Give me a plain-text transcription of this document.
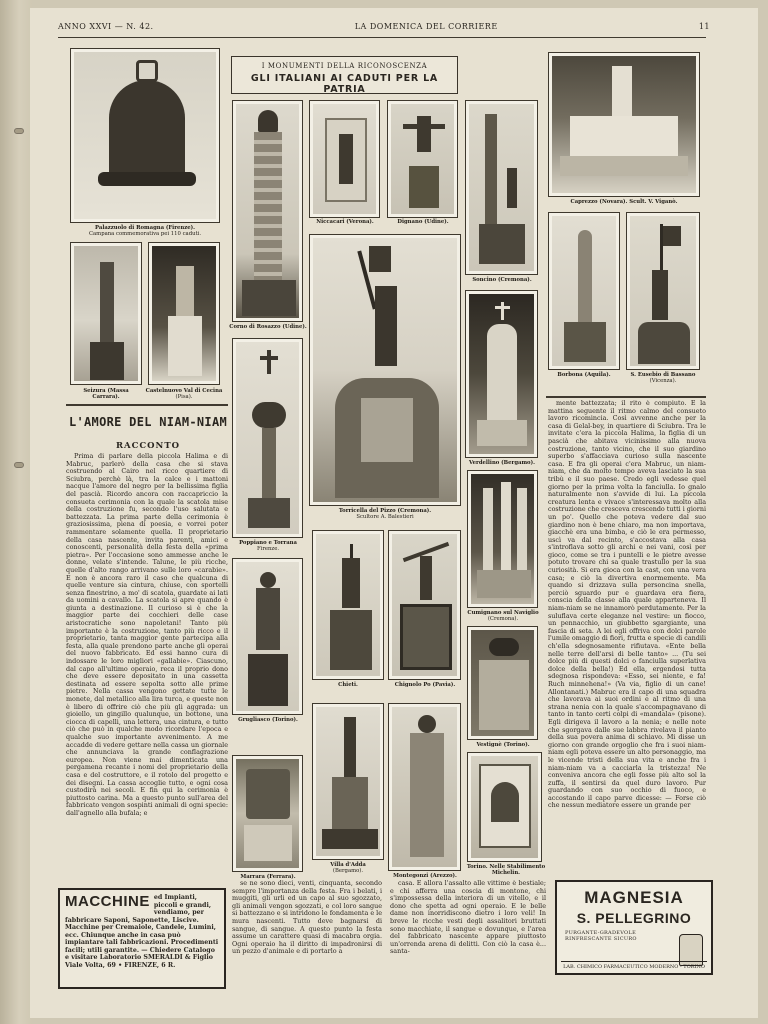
ANNO XXVI — N. 42.	LA DOMENICA DEL CORRIERE	11
I MONUMENTI DELLA RICONOSCENZA
GLI ITALIANI AI CADUTI PER LA PATRIA
Palazzuolo di Romagna (Firenze).
Campana commemorativa pei 110 caduti.
Seizura (Massa Carrara).
Castelnuovo Val di Cecina
(Pisa).
Corno di Rosazzo (Udine).
Poppiano e Torrana
Firenze.
Grugliasco (Torino).
Marrara (Ferrara).
Niccacari (Verona).	Dignano (Udine).
Soncino (Cremona).
Caprezzo (Novara). Scult. V. Viganò.
Borbona (Aquila).	S. Eusebio di Bassano
(Vicenza).
Torricella del Pizzo (Cremona).
Scultore A. Balestieri
Verdellino (Bergamo).
Cumignano sul Naviglio
(Cremona).
Chieti.	Chignolo Po (Pavia).
Vestignè (Torino).
Villa d'Adda
(Bergamo).
Montegonzi (Arezzo).
Torino. Nelle Stabilimento Michelin.
L'AMORE DEL NIAM-NIAM
RACCONTO

Prima di parlare della piccola Halima e di Mabruc, parlerò della casa che si stava costruendo al Cairo nel ricco quartiere di Sciubra, perchè là, tra la calce e i mattoni nacque l'amore del negro per la bellissima figlia del pascià. Ricordo ancora con raccapriccio la consueta cerimonia con la quale la scatola mise della costruzione fu, secondo l'uso salutata e battezzata. La prima parte della cerimonia è graziosissima, piena di poesia, e vorrei poter rammentare solamente quella. Il proprietario della casa nascente, invita parenti, amici e conoscenti, personalità della festa della «prima pietra». Per l'occasione sono ammesse anche le donne, velate s'intende. Talune, le più ricche, quelle d'alto rango arrivano sulle loro «carabie». E non è ancora raro il caso che qualcuna di quelle venture sia cintura, chiuse, con sportelli senza finestrino, a mo' di scatola, guardate ai lati da uomini a cavallo. La scatola si apre quando è giunta a destinazione. Il curioso si è che la maggior parte dei cocchieri delle case aristocratiche sono napoletani! Tanto più importante è la costruzione, tanto più ricco e il proprietario, tanta maggior gente partecipa alla festa, alla quale prendono parte anche gli operai del nuovo fabbricato. Ed essi hanno cura di indossare le loro migliori «gallabie». Ciascuno, dal capo all'ultimo operaio, reca il proprio dono che deve essere depositato in una cassetta destinata ad essere sepolta sotto alle prime pietre. Nella cassa vengono gettate tutte le monete, dal metallico alla lira turca, e queste non è libero di offrire ciò che più gli aggrada: un gioiello, un gingillo qualunque, un bottone, una ciocca di capelli, una lettera, una cintura, e tutto ciò che può in qualche modo ricordare l'epoca e qualche suo importante avvenimento. A me accadde di vedere gettare nella cassa un giornale che annunciava la grande conflagrazione europea. Non viene mai dimenticata una pergamena recante i nomi del proprietario della casa e del costruttore, e il rotolo del progetto e dei disegni. La cassa accoglie tutto, e ogni cosa custodirà nei secoli. E fin qui la cerimonia è piuttosto carina. Ma a questo punto sull'area del fabbricato vengon sospinti animali di ogni specie: dall'agnello alla bufala; e

se ne sono dieci, venti, cinquanta, secondo sempre l'importanza della festa. Fra i belati, i muggiti, gli urli ed un capo al suo sgozzato, gli animali vengon sgozzati, e col loro sangue si battezzano e si intridono le fondamenta e le mura nascenti. Tutto deve bagnarsi di sangue, di sangue. A questo punto la festa assume un carattere quasi di macabra orgia. Ogni operaio ha il diritto di impadronirsi di un pezzo d'animale e di portarlo a

casa. E allora l'assalto alle vittime è bestiale; e chi afferra una coscia di montone, chi s'impossessa della interiora di un vitello, e il dono che spetta ad ogni operaio. E le belle dame non inorridiscono dietro i loro veli! In breve le ricche vesti degli assalitori bruttati sono macchiate, il sangue e dovunque, e l'area del fabbricato nascente appare piuttosto un'orrenda arena di delitti. Con ciò la casa è... santa-

mente battezzata; il rito è compiuto. E la mattina seguente il ritmo calmo del consueto lavoro ricomincia. Così avvenne anche per la casa di Gelal-bey, in quartiere di Sciubra. Tra le invitate c'era la piccola Halima, la figlia di un pascià che abitava vicinissimo alla nuova costruzione, tanto vicino, che il suo giardino superbo s'affacciava curioso sulla nascente casa. E fra gli operai c'era Mabruc, un niam-niam, che da molto tempo aveva lasciato la sua tribù e il suo paese. Credo egli vedesse quel giorno per la prima volta la fanciulla. Io gnalo naturalmente non s'avvide di lui. La piccola creatura lenta e vivace s'interessava molto alla costruzione che cresceva crescendo tutti i giorni un po'. Quello che poteva vedere dal suo giardino non è bene chiaro, ma non importava, giacchè era una bimba, e ciò le era permesso, uscì va dal recinto, s'accostava alla casa s'introflava sotto gli archi e nei vani, così per gioco, come se tra i puntelli e le pietre avesse potuto trovare chi sa quale trastullo per la sua curiosità. Si era gioca con la cast, con una vera casa; e ciò la divertiva enormemente. Ma quando si drizzava sulla personcina snella, perciò sguardo pur e guardava era fiera, conscia della classe alla quale apparteneva. Il niam-niam se ne innamorò perdutamente. Per la suluflava certe eleganze nel vestire: un fiocco, un pennacchio, un giubbetto sgargiante, una fascia di seta. A lei egli offriva con dolci parole l'umile omaggio di fiori, frutta e specie di candili ch'ella sdegnosamente rifiutava. «Ente bella nelle terre dell'arsi di belle tanto» ... (Tu sei dolce più di questi dolci o fanciulla superlativa dolce della bella!) Ed ella, ergendosi tutta sdegnosa rispondeva: «Esso, sei niente, e fa! Ruch minnehena!» (Va via, figlio di un cane! Allontanati.) Mabruc era il capo di una squadra che lavorava ai suoi ordini e al ritmo di una strana nenia con la quale s'accompagnavano di tanto in tanto certi colpi di «mandala» (pisone). Egli dirigeva il lavoro a la nenia; e nelle note che sgorgava dalle sue labbra rivelava il pianto della sua povera anima di schiavo. Mi disse un giorno con grande orgoglio che fra i suoi niam-niam egli poteva essere un alto personaggio, ma le vicende tristi della sua vita e anche fra i niam-niam va a cacciarla la tristezza! Ne conveniva ancora che egli fosse più alto sol la zuffa, il sentirsi da quel duro lavoro. Pur guardando con suo occhio di fuoco, e accostando il capo parve dicesse: — Forse ciò che nessun mediatore essere un grande per

MACCHINE ed Impianti, piccoli e grandi, vendiamo, per fabbricare Saponi, Saponette, Liscive. Macchine per Cremaiole, Candele, Lumini, ecc. Chiunque anche in casa può impiantare tali fabbricazioni. Procedimenti facili; utili garantite. — Chiedere Catalogo e visitare Laboratorio SMERALDI & Figlio Viale Volta, 69 • FIRENZE, 6 R.
MAGNESIA
S. PELLEGRINO
PURGANTE-GRADEVOLE RINFRESCANTE SICURO
LAB. CHIMICO FARMACEUTICO MODERNO - TORINO
